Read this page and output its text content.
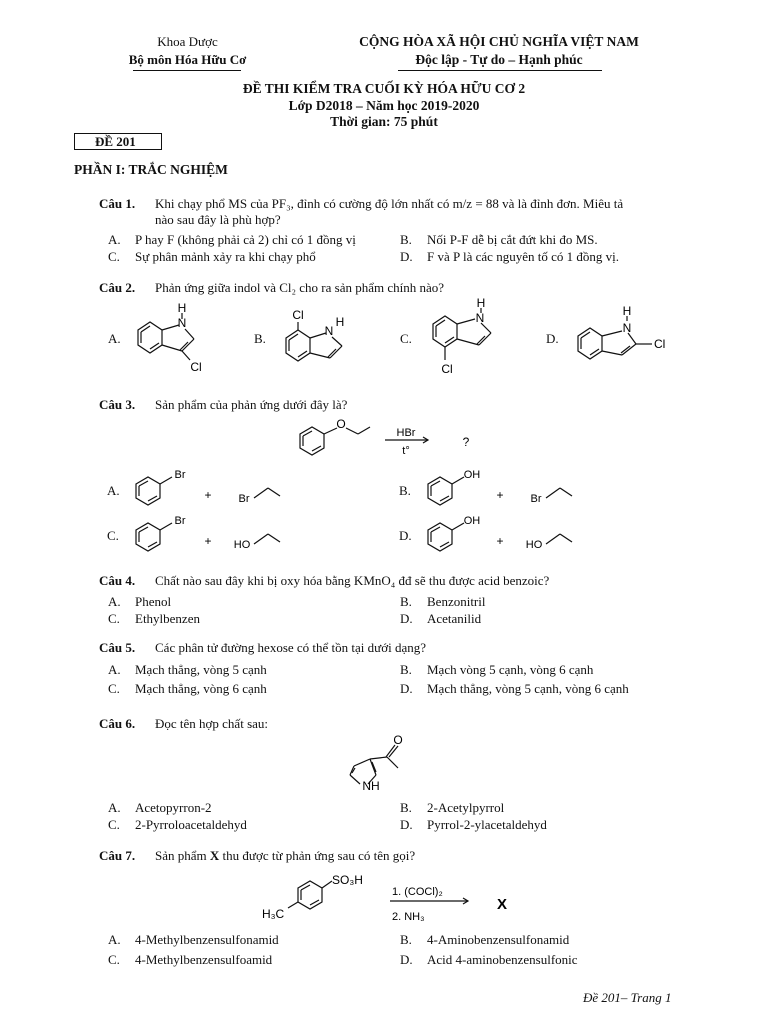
Khoa Dược
Bộ môn Hóa Hữu Cơ
CỘNG HÒA XÃ HỘI CHỦ NGHĨA VIỆT NAM
Độc lập - Tự do – Hạnh phúc
ĐỀ THI KIỂM TRA CUỐI KỲ HÓA HỮU CƠ 2
Lớp D2018 – Năm học 2019-2020
Thời gian: 75 phút
ĐỀ 201
PHẦN I: TRẮC NGHIỆM
Câu 1. Khi chạy phổ MS của PF₃, đỉnh có cường độ lớn nhất có m/z = 88 và là đỉnh đơn. Miêu tả
nào sau đây là phù hợp?
A. P hay F (không phải cả 2) chỉ có 1 đồng vị	B. Nối P-F dễ bị cắt đứt khi đo MS.
C. Sự phân mảnh xảy ra khi chạy phổ	D. F và P là các nguyên tố có 1 đồng vị.
Câu 2. Phản ứng giữa indol và Cl₂ cho ra sản phẩm chính nào?
A.
N
H
Cl
B.
Cl
N
H
C.
N
H
Cl
D.
N
H
Cl
Câu 3. Sản phẩm của phản ứng dưới đây là?
O
HBr
t°
?
A.
Br
+ Br
B.
OH
+ Br
C.
Br
+ HO
D.
OH
+ HO
Câu 4. Chất nào sau đây khi bị oxy hóa bằng KMnO₄ đđ sẽ thu được acid benzoic?
A. Phenol	B. Benzonitril
C. Ethylbenzen	D. Acetanilid
Câu 5. Các phân tử đường hexose có thể tồn tại dưới dạng?
A. Mạch thẳng, vòng 5 cạnh	B. Mạch vòng 5 cạnh, vòng 6 cạnh
C. Mạch thẳng, vòng 6 cạnh	D. Mạch thẳng, vòng 5 cạnh, vòng 6 cạnh
Câu 6. Đọc tên hợp chất sau:
O
NH
A. Acetopyrron-2	B. 2-Acetylpyrrol
C. 2-Pyrroloacetaldehyd	D. Pyrrol-2-ylacetaldehyd
Câu 7. Sản phẩm X thu được từ phản ứng sau có tên gọi?
SO₃H
H₃C
1. (COCl)₂
2. NH₃
X
A. 4-Methylbenzensulfonamid	B. 4-Aminobenzensulfonamid
C. 4-Methylbenzensulfoamid	D. Acid 4-aminobenzensulfonic
Đề 201– Trang 1
